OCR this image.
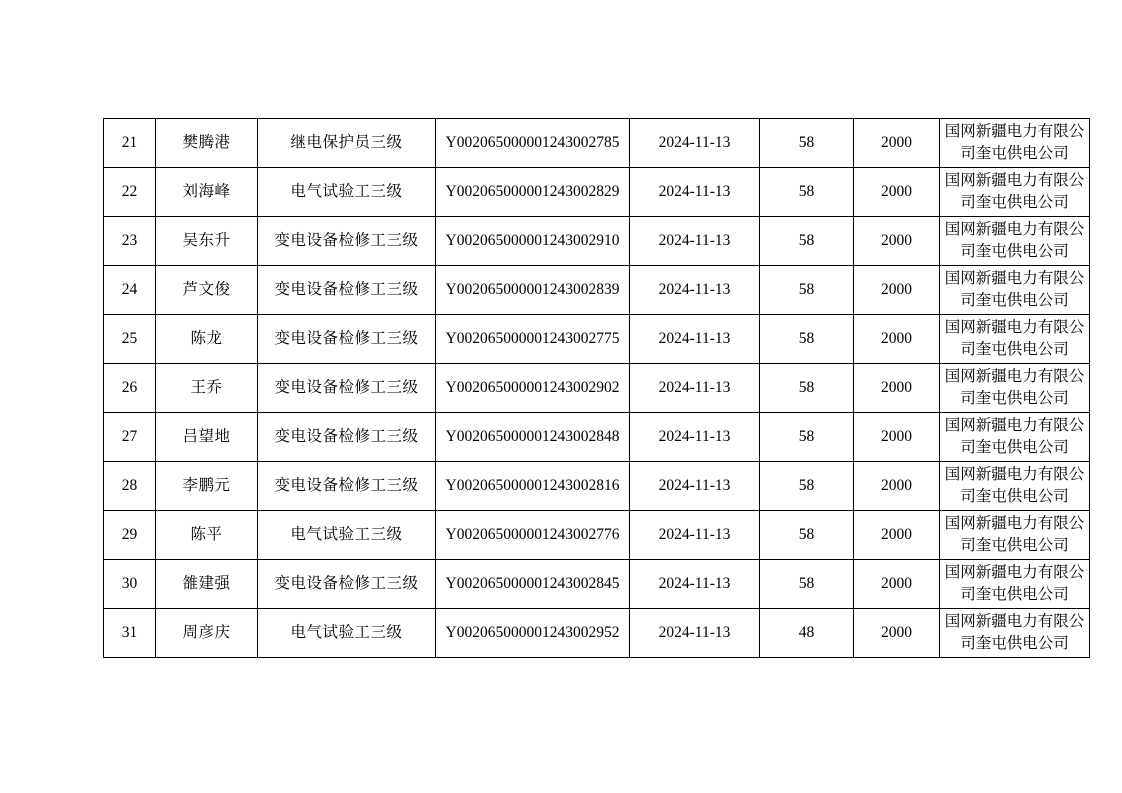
21	樊腾港	继电保护员三级	Y002065000001243002785	2024-11-13	58	2000	国网新疆电力有限公司奎屯供电公司
22	刘海峰	电气试验工三级	Y002065000001243002829	2024-11-13	58	2000	国网新疆电力有限公司奎屯供电公司
23	吴东升	变电设备检修工三级	Y002065000001243002910	2024-11-13	58	2000	国网新疆电力有限公司奎屯供电公司
24	芦文俊	变电设备检修工三级	Y002065000001243002839	2024-11-13	58	2000	国网新疆电力有限公司奎屯供电公司
25	陈龙	变电设备检修工三级	Y002065000001243002775	2024-11-13	58	2000	国网新疆电力有限公司奎屯供电公司
26	王乔	变电设备检修工三级	Y002065000001243002902	2024-11-13	58	2000	国网新疆电力有限公司奎屯供电公司
27	吕望地	变电设备检修工三级	Y002065000001243002848	2024-11-13	58	2000	国网新疆电力有限公司奎屯供电公司
28	李鹏元	变电设备检修工三级	Y002065000001243002816	2024-11-13	58	2000	国网新疆电力有限公司奎屯供电公司
29	陈平	电气试验工三级	Y002065000001243002776	2024-11-13	58	2000	国网新疆电力有限公司奎屯供电公司
30	雒建强	变电设备检修工三级	Y002065000001243002845	2024-11-13	58	2000	国网新疆电力有限公司奎屯供电公司
31	周彦庆	电气试验工三级	Y002065000001243002952	2024-11-13	48	2000	国网新疆电力有限公司奎屯供电公司
